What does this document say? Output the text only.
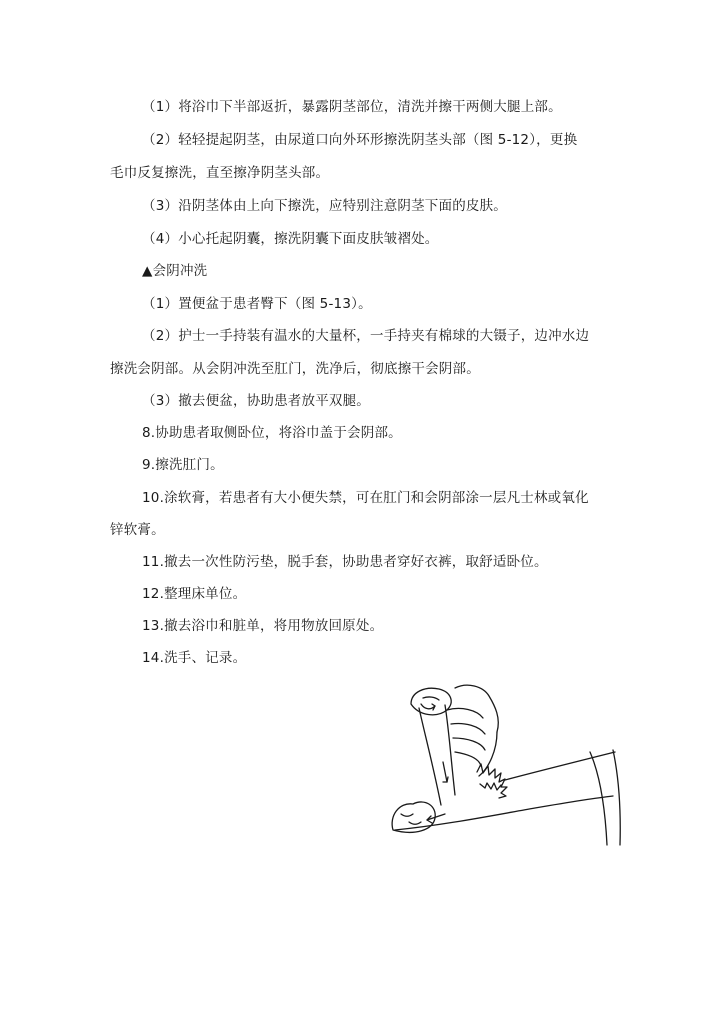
（1）将浴巾下半部返折，暴露阴茎部位，清洗并擦干两侧大腿上部。
（2）轻轻提起阴茎，由尿道口向外环形擦洗阴茎头部（图 5-12），更换
毛巾反复擦洗，直至擦净阴茎头部。
（3）沿阴茎体由上向下擦洗，应特别注意阴茎下面的皮肤。
（4）小心托起阴囊，擦洗阴囊下面皮肤皱褶处。
▲会阴冲洗
（1）置便盆于患者臀下（图 5-13）。
（2）护士一手持装有温水的大量杯，一手持夹有棉球的大镊子，边冲水边
擦洗会阴部。从会阴冲洗至肛门，洗净后，彻底擦干会阴部。
（3）撤去便盆，协助患者放平双腿。
8.协助患者取侧卧位，将浴巾盖于会阴部。
9.擦洗肛门。
10.涂软膏，若患者有大小便失禁，可在肛门和会阴部涂一层凡士林或氧化
锌软膏。
11.撤去一次性防污垫，脱手套，协助患者穿好衣裤，取舒适卧位。
12.整理床单位。
13.撤去浴巾和脏单，将用物放回原处。
14.洗手、记录。
